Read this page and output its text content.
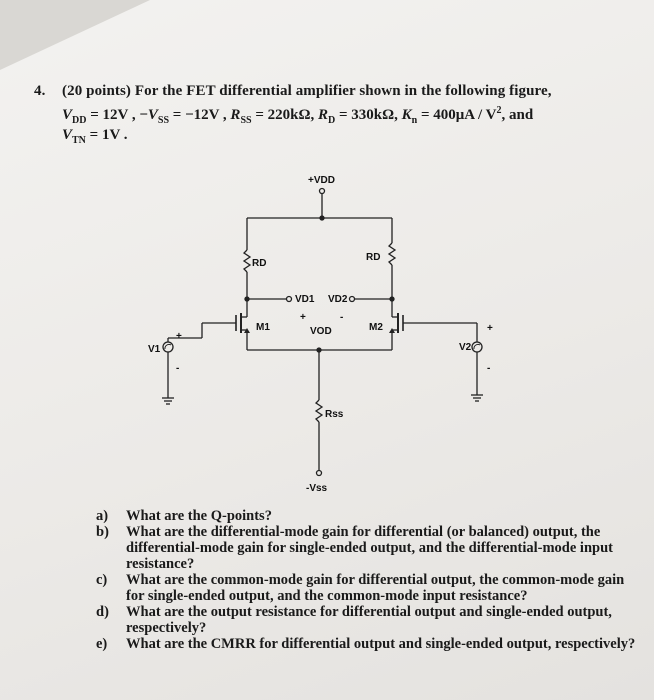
4. (20 points) For the FET differential amplifier shown in the following figure,
$V_{DD} = 12V$ , $-V_{SS} = -12V$ , $R_{SS} = 220k\Omega$, $R_D = 330k\Omega$, $K_n = 400\mu A / V^2$, and
$V_{TN} = 1V$ .
+VDD
RD
RD
VD1 VD2
+	-
VOD
M1	M2
V1
+
-
V2
+
-
Rss
-Vss
a)	What are the Q-points?
b)	What are the differential-mode gain for differential (or balanced) output, the differential-mode gain for single-ended output, and the differential-mode input resistance?
c)	What are the common-mode gain for differential output, the common-mode gain for single-ended output, and the common-mode input resistance?
d)	What are the output resistance for differential output and single-ended output, respectively?
e)	What are the CMRR for differential output and single-ended output, respectively?
